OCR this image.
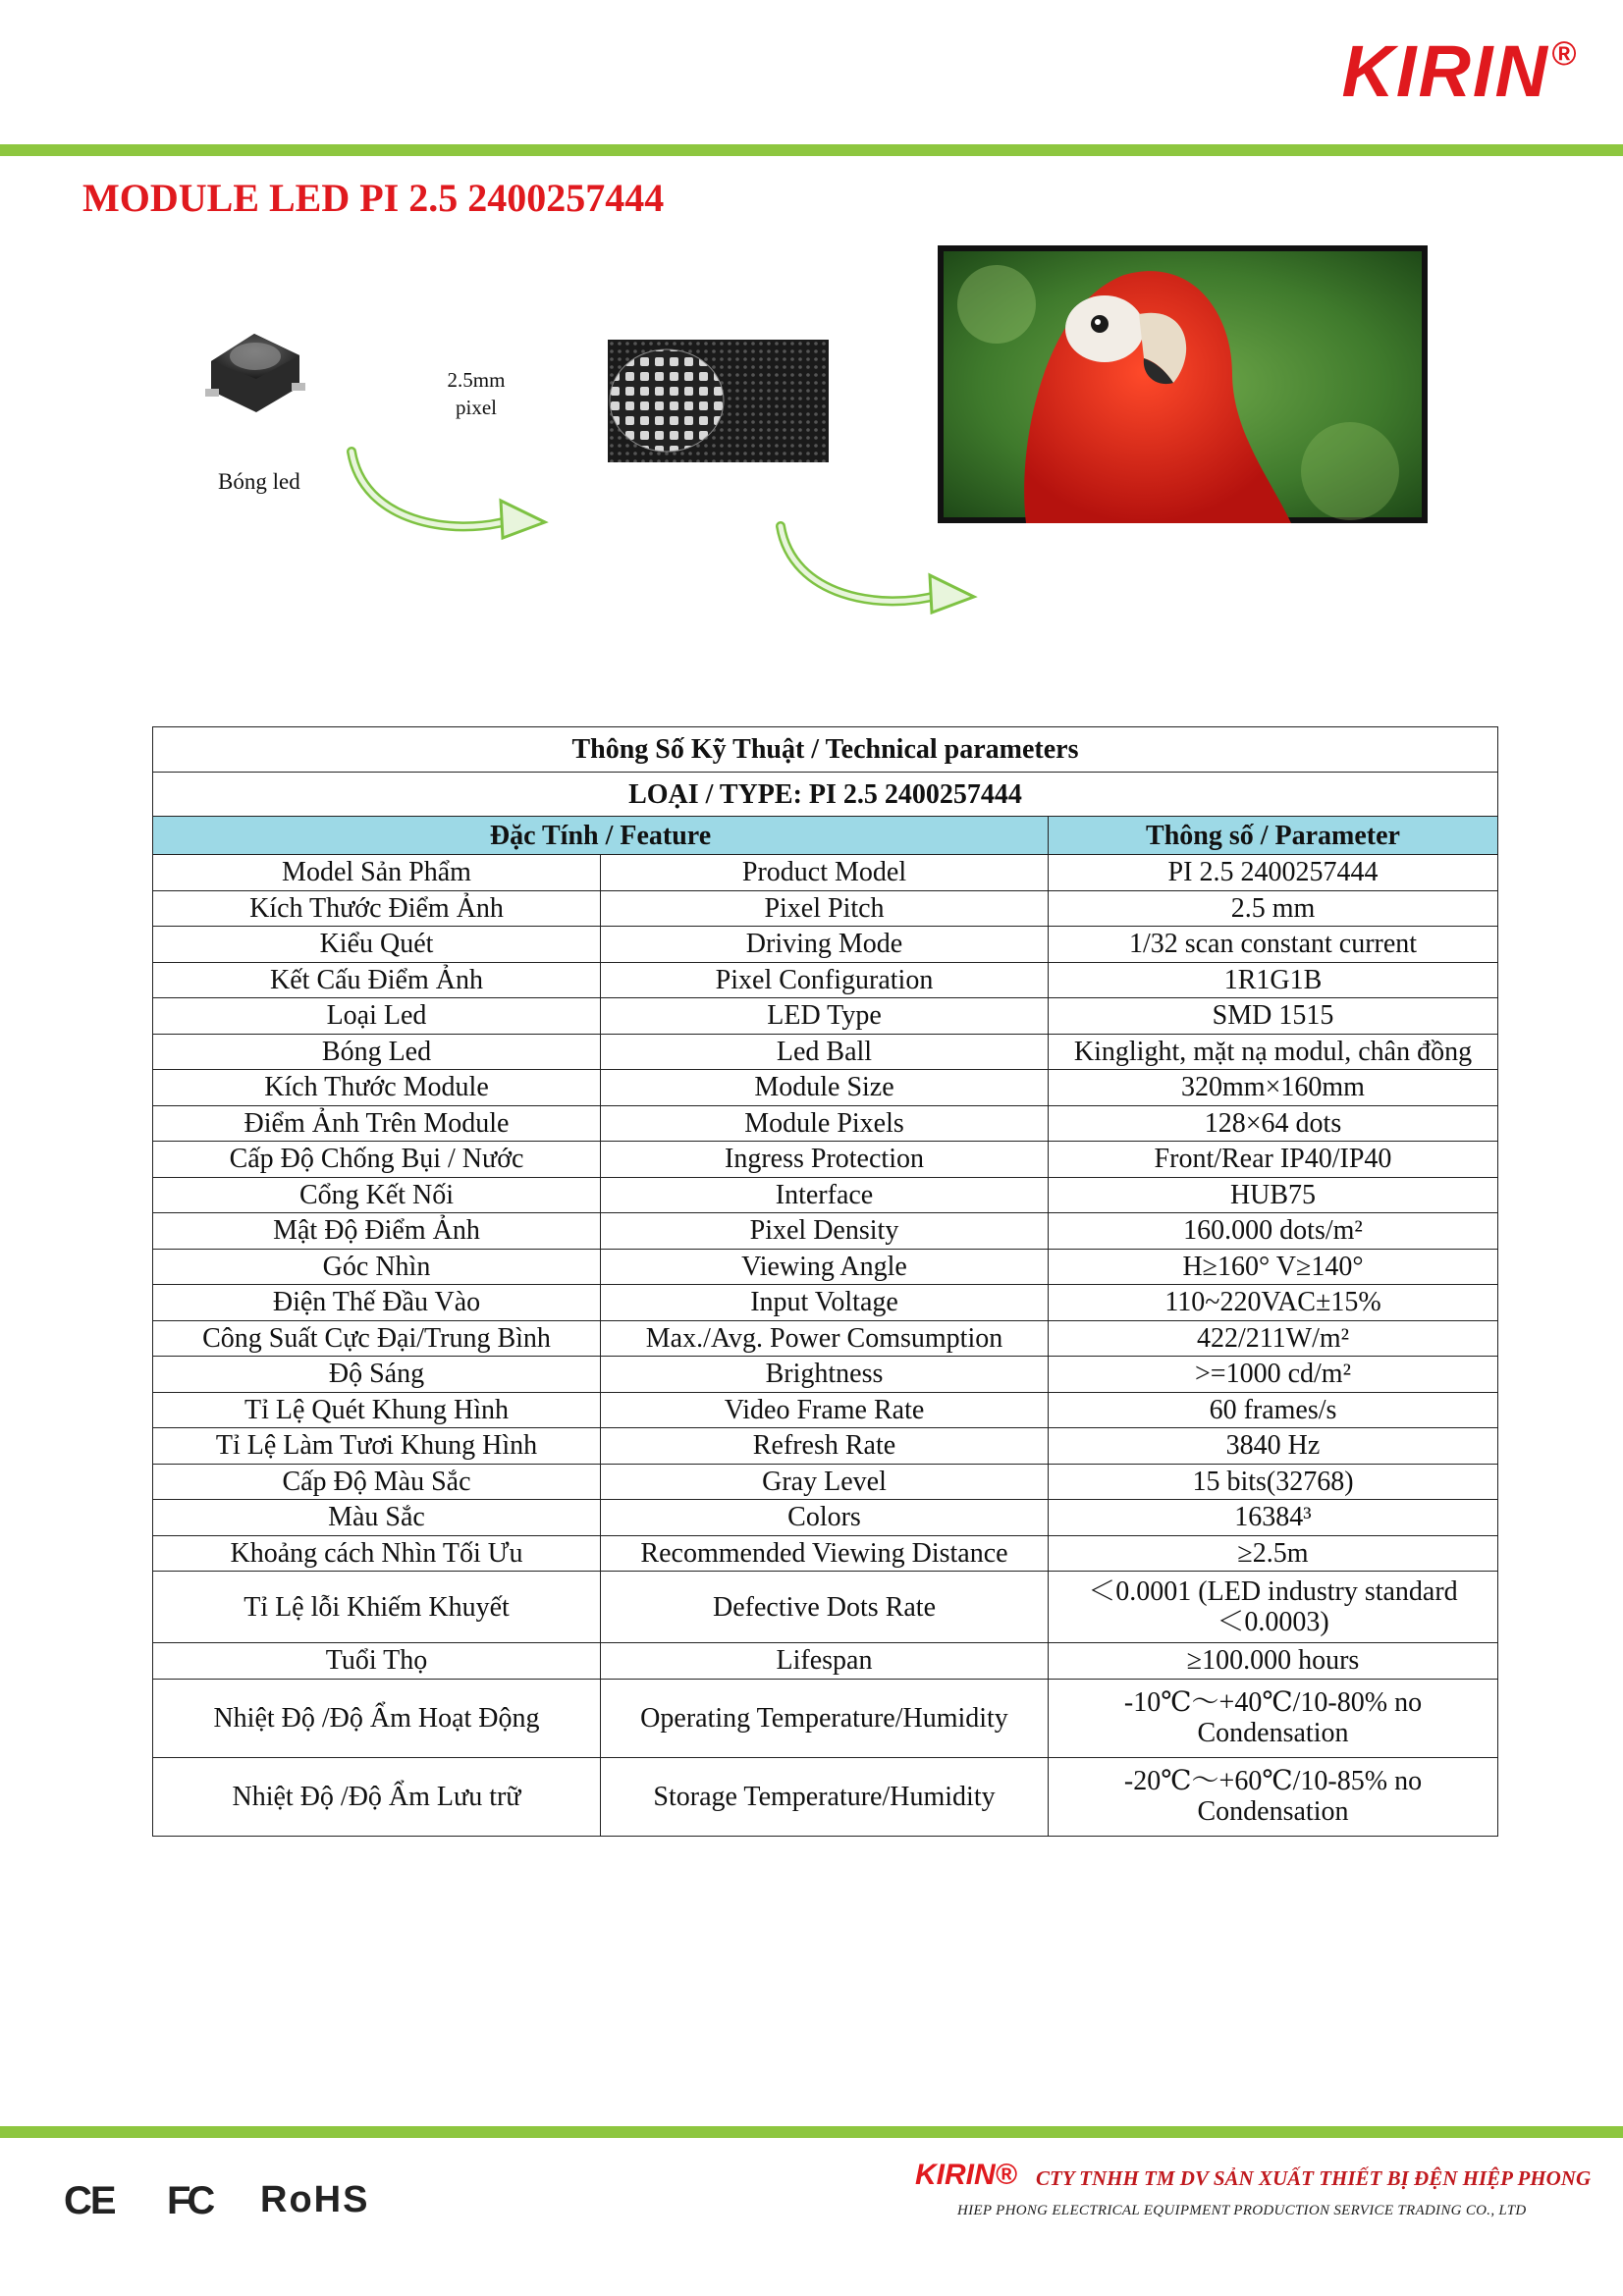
KIRIN®
MODULE LED PI 2.5 2400257444
2.5mm
pixel
Bóng led
Thông Số Kỹ Thuật / Technical parameters		
LOẠI / TYPE: PI 2.5 2400257444		
Đặc Tính / Feature		Thông số / Parameter
Model Sản Phẩm	Product Model	PI 2.5 2400257444
Kích Thước Điểm Ảnh	Pixel Pitch	2.5 mm
Kiểu Quét	Driving Mode	1/32 scan constant current
Kết Cấu Điểm Ảnh	Pixel Configuration	1R1G1B
Loại Led	LED Type	SMD 1515
Bóng Led	Led Ball	Kinglight, mặt nạ modul, chân đồng
Kích Thước Module	Module Size	320mm×160mm
Điểm Ảnh Trên Module	Module Pixels	128×64 dots
Cấp Độ Chống Bụi / Nước	Ingress Protection	Front/Rear IP40/IP40
Cổng Kết Nối	Interface	HUB75
Mật Độ Điểm Ảnh	Pixel Density	160.000 dots/m²
Góc Nhìn	Viewing Angle	H≥160° V≥140°
Điện Thế Đầu Vào	Input Voltage	110~220VAC±15%
Công Suất Cực Đại/Trung Bình	Max./Avg. Power Comsumption	422/211W/m²
Độ Sáng	Brightness	>=1000 cd/m²
Tỉ Lệ Quét Khung Hình	Video Frame Rate	60 frames/s
Tỉ Lệ Làm Tươi Khung Hình	Refresh Rate	3840 Hz
Cấp Độ Màu Sắc	Gray Level	15 bits(32768)
Màu Sắc	Colors	16384³
Khoảng cách Nhìn Tối Ưu	Recommended Viewing Distance	≥2.5m
Tỉ Lệ lỗi Khiếm Khuyết	Defective Dots Rate	＜0.0001 (LED industry standard
＜0.0003)

Tuổi Thọ	Lifespan	≥100.000 hours
Nhiệt Độ /Độ Ẩm Hoạt Động	Operating Temperature/Humidity	-10℃～+40℃/10-80% no
Condensation

Nhiệt Độ /Độ Ẩm Lưu trữ	Storage Temperature/Humidity	-20℃～+60℃/10-85% no
Condensation
CE FC RoHS
KIRIN® CTY TNHH TM DV SẢN XUẤT THIẾT BỊ ĐỆN HIỆP PHONG
HIEP PHONG ELECTRICAL EQUIPMENT PRODUCTION SERVICE TRADING CO., LTD
